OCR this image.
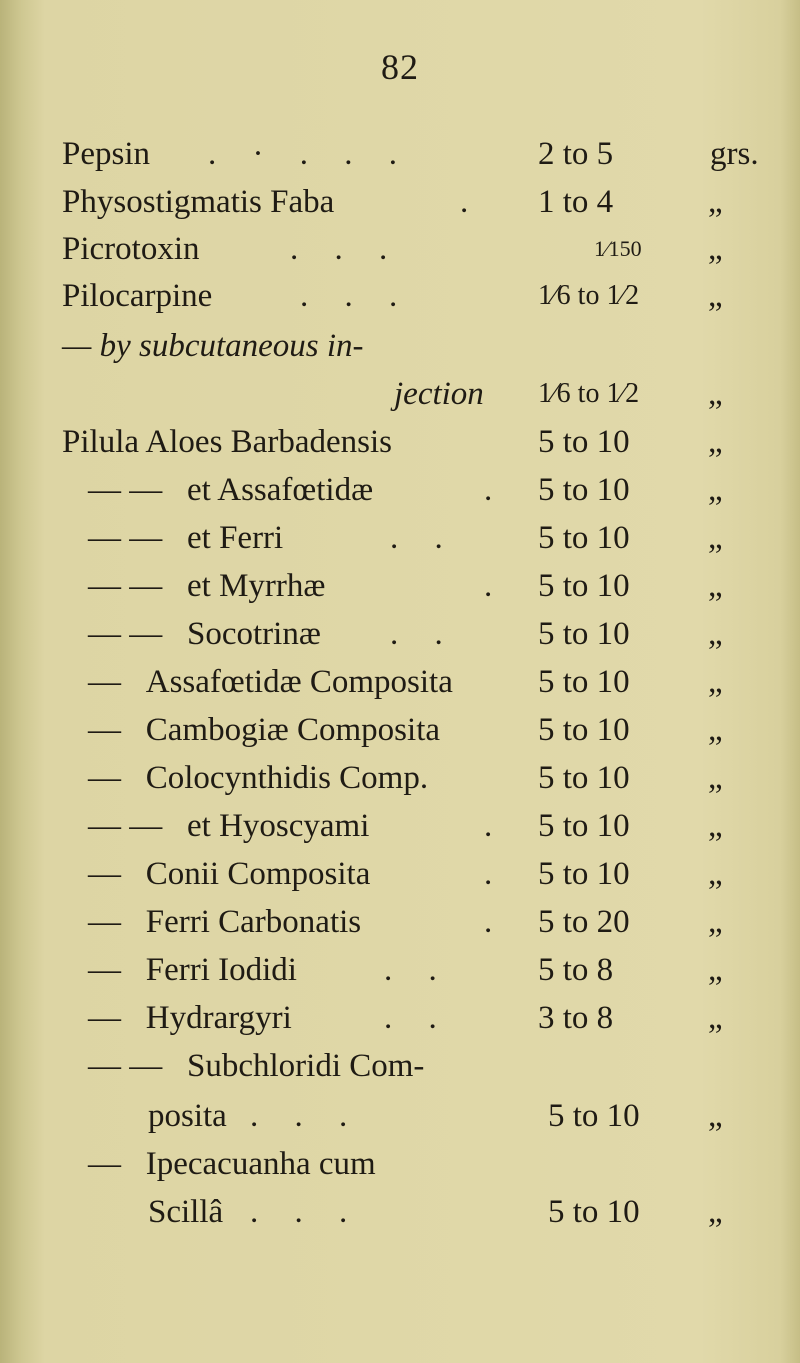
82
Pepsin . · . . .	2 to 5	grs.
Physostigmatis Faba	. 1 to 4	„
Picrotoxin	. . .	1⁄150 „
Pilocarpine	. . .	1⁄6 to 1⁄2 „
— by subcutaneous in-
jection 1⁄6 to 1⁄2 „
Pilula Aloes Barbadensis	5 to 10 „
— — et Assafœtidæ	. 5 to 10 „
— — et Ferri	. . 5 to 10 „
— — et Myrrhæ	. 5 to 10 „
— — Socotrinæ . . 5 to 10 „
— Assafœtidæ Composita	5 to 10 „
— Cambogiæ Composita	5 to 10 „
— Colocynthidis Comp.	5 to 10 „
— — et Hyoscyami	. 5 to 10 „
— Conii Composita	. 5 to 10 „
— Ferri Carbonatis	. 5 to 20 „
— Ferri Iodidi	. .	5 to 8	„
— Hydrargyri	. .	3 to 8	„
— — Subchloridi Com-
posita . . .	5 to 10 „
— Ipecacuanha cum
Scillâ . . .	5 to 10 „
